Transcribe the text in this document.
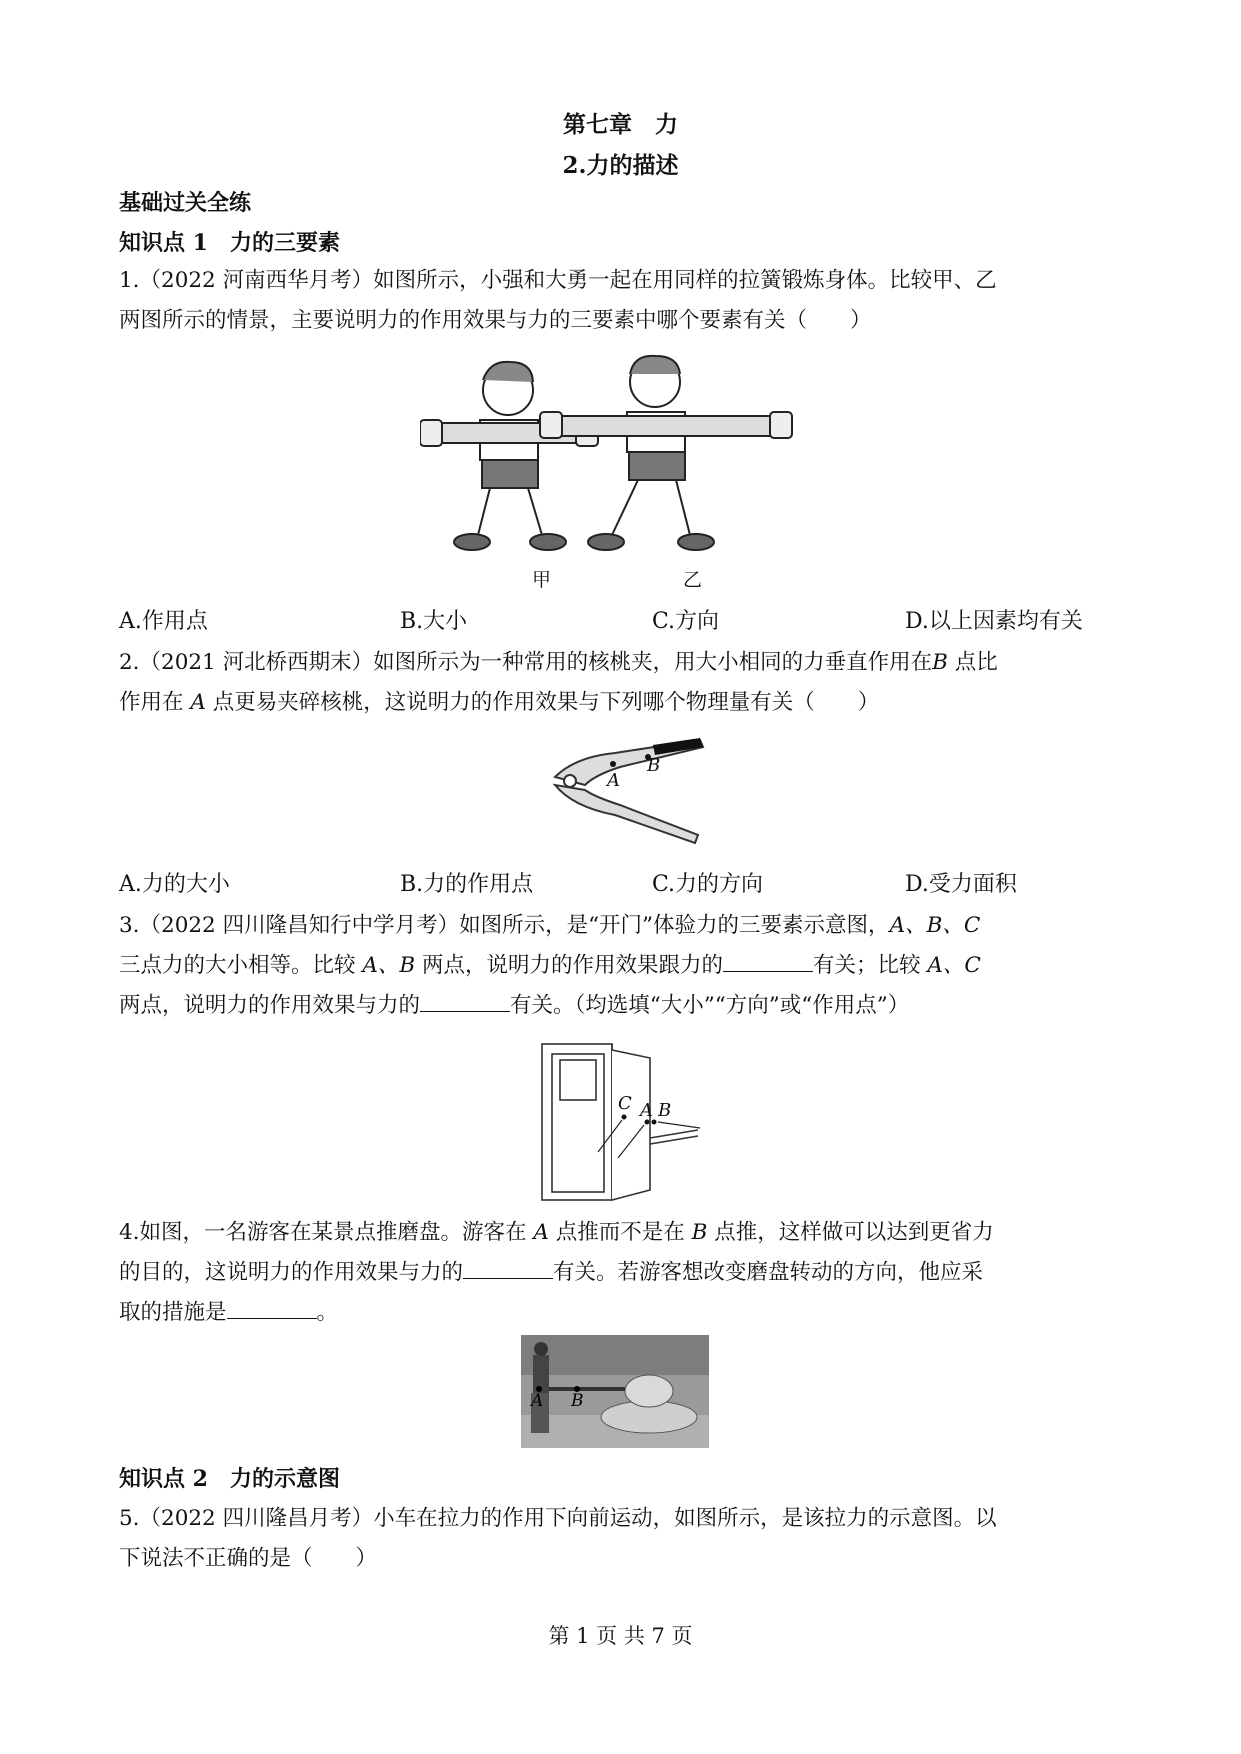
第七章　力
2.力的描述
基础过关全练
知识点 1　力的三要素
1.（2022 河南西华月考）如图所示，小强和大勇一起在用同样的拉簧锻炼身体。比较甲、乙
两图所示的情景，主要说明力的作用效果与力的三要素中哪个要素有关（　　）
甲	乙
A.作用点	B.大小	C.方向	D.以上因素均有关
2.（2021 河北桥西期末）如图所示为一种常用的核桃夹，用大小相同的力垂直作用在B 点比
作用在 A 点更易夹碎核桃，这说明力的作用效果与下列哪个物理量有关（　　）
A
B
A.力的大小	B.力的作用点	C.力的方向	D.受力面积
3.（2022 四川隆昌知行中学月考）如图所示，是“开门”体验力的三要素示意图，A、B、C
三点力的大小相等。比较 A、B 两点，说明力的作用效果跟力的	有关；比较 A、C
两点，说明力的作用效果与力的	有关。（均选填“大小”“方向”或“作用点”）
C A B
4.如图，一名游客在某景点推磨盘。游客在 A 点推而不是在 B 点推，这样做可以达到更省力
的目的，这说明力的作用效果与力的	有关。若游客想改变磨盘转动的方向，他应采
取的措施是	。
A B
知识点 2　力的示意图
5.（2022 四川隆昌月考）小车在拉力的作用下向前运动，如图所示，是该拉力的示意图。以
下说法不正确的是（　　）
第 1 页 共 7 页
